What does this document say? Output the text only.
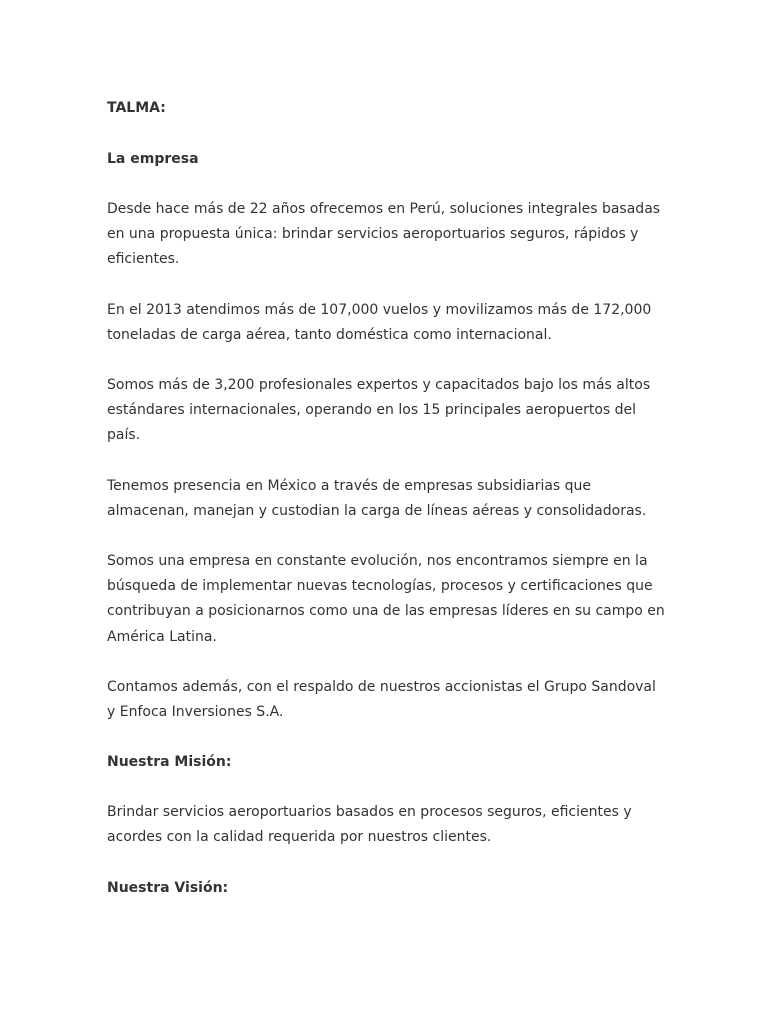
TALMA:

La empresa

Desde hace más de 22 años ofrecemos en Perú, soluciones integrales basadas en una propuesta única: brindar servicios aeroportuarios seguros, rápidos y eficientes.

En el 2013 atendimos más de 107,000 vuelos y movilizamos más de 172,000 toneladas de carga aérea, tanto doméstica como internacional.

Somos más de 3,200 profesionales expertos y capacitados bajo los más altos estándares internacionales, operando en los 15 principales aeropuertos del país.

Tenemos presencia en México a través de empresas subsidiarias que almacenan, manejan y custodian la carga de líneas aéreas y consolidadoras.

Somos una empresa en constante evolución, nos encontramos siempre en la búsqueda de implementar nuevas tecnologías, procesos y certificaciones que contribuyan a posicionarnos como una de las empresas líderes en su campo en América Latina.

Contamos además, con el respaldo de nuestros accionistas el Grupo Sandoval y Enfoca Inversiones S.A.

Nuestra Misión:

Brindar servicios aeroportuarios basados en procesos seguros, eficientes y acordes con la calidad requerida por nuestros clientes.

Nuestra Visión:
